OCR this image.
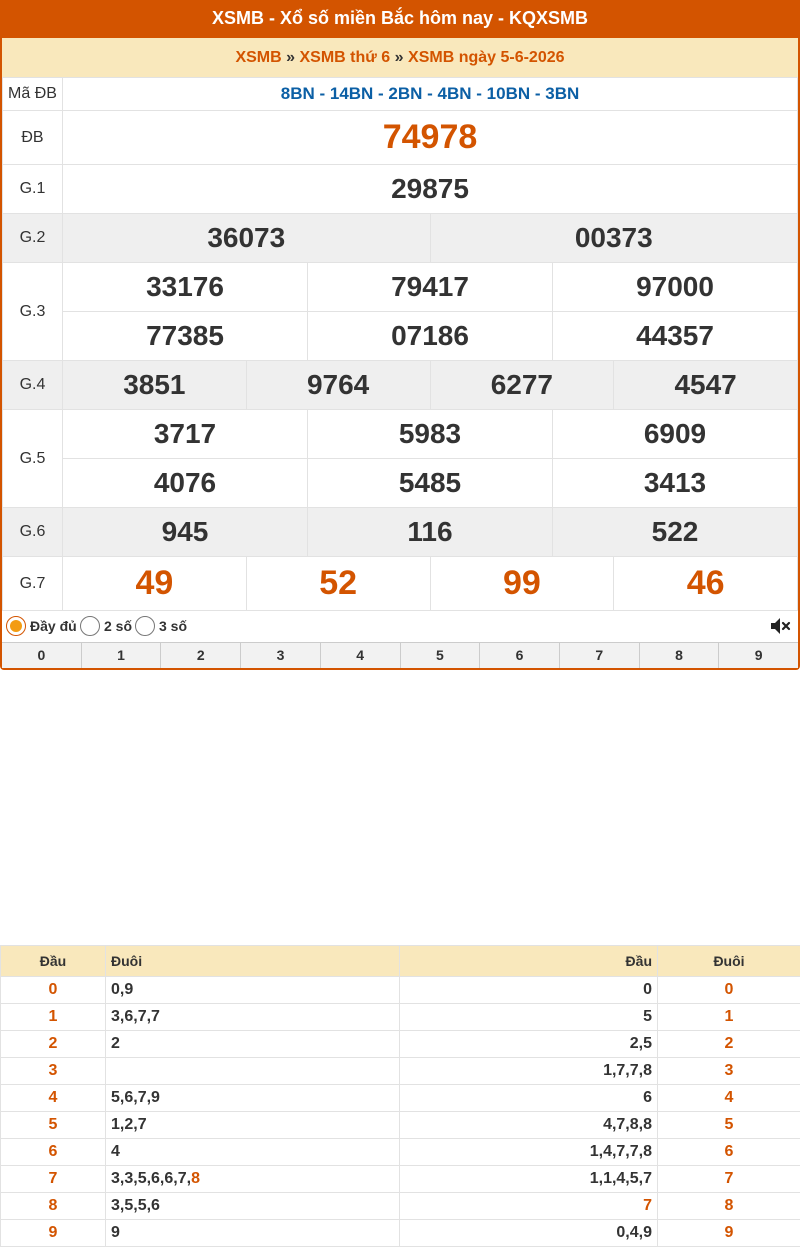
XSMB - Xổ số miền Bắc hôm nay - KQXSMB
XSMB » XSMB thứ 6 » XSMB ngày 5-6-2026
Mã ĐB	8BN - 14BN - 2BN - 4BN - 10BN - 3BN					
ĐB	74978					
G.1	29875					
G.2	36073			00373		
G.3	33176		79417		97000	
	77385		07186		44357	
G.4	3851	9764		6277		4547
G.5	3717		5983		6909	
	4076		5485		3413	
G.6	945		116		522	
G.7	49	52		99		46
Đầy đủ 2 số 3 số
0	1	2	3	4	5	6	7	8	9
Đầu	Đuôi	Đầu	Đuôi
0	0,9	0	0
1	3,6,7,7	5	1
2	2	2,5	2
3		1,7,7,8	3
4	5,6,7,9	6	4
5	1,2,7	4,7,8,8	5
6	4	1,4,7,7,8	6
7	3,3,5,6,6,7,8	1,1,4,5,7	7
8	3,5,5,6	7	8
9	9	0,4,9	9
